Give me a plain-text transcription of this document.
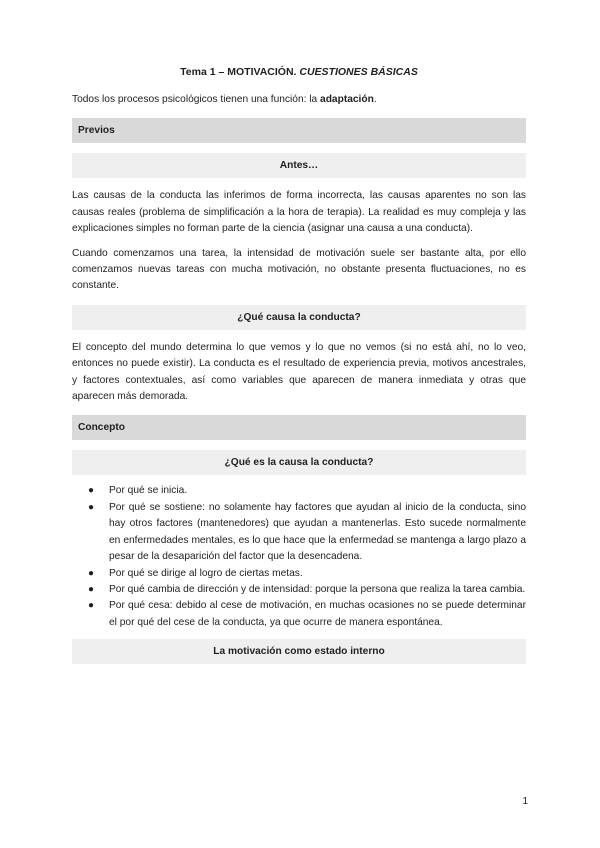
Tema 1 – MOTIVACIÓN. CUESTIONES BÁSICAS

Todos los procesos psicológicos tienen una función: la adaptación.

Previos
Antes…

Las causas de la conducta las inferimos de forma incorrecta, las causas aparentes no son las causas reales (problema de simplificación a la hora de terapia). La realidad es muy compleja y las explicaciones simples no forman parte de la ciencia (asignar una causa a una conducta).

Cuando comenzamos una tarea, la intensidad de motivación suele ser bastante alta, por ello comenzamos nuevas tareas con mucha motivación, no obstante presenta fluctuaciones, no es constante.

¿Qué causa la conducta?

El concepto del mundo determina lo que vemos y lo que no vemos (si no está ahí, no lo veo, entonces no puede existir). La conducta es el resultado de experiencia previa, motivos ancestrales, y factores contextuales, así como variables que aparecen de manera inmediata y otras que aparecen más demorada.

Concepto
¿Qué es la causa la conducta?
● Por qué se inicia.
● Por qué se sostiene: no solamente hay factores que ayudan al inicio de la conducta, sino hay otros factores (mantenedores) que ayudan a mantenerlas. Esto sucede normalmente en enfermedades mentales, es lo que hace que la enfermedad se mantenga a largo plazo a pesar de la desaparición del factor que la desencadena.
● Por qué se dirige al logro de ciertas metas.
● Por qué cambia de dirección y de intensidad: porque la persona que realiza la tarea cambia.
● Por qué cesa: debido al cese de motivación, en muchas ocasiones no se puede determinar el por qué del cese de la conducta, ya que ocurre de manera espontánea.
La motivación como estado interno
1
